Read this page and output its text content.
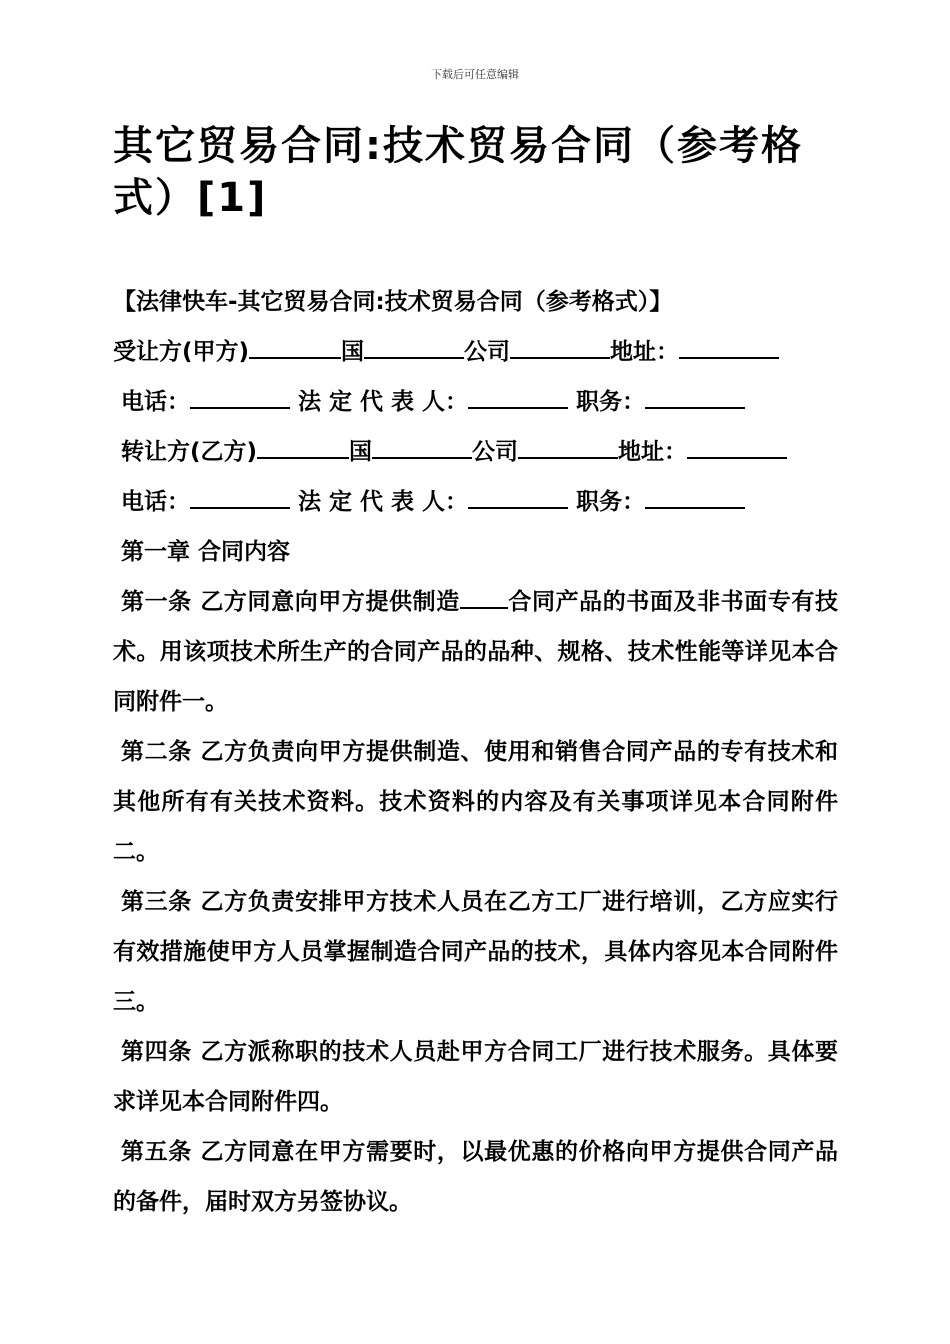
下载后可任意编辑
其它贸易合同:技术贸易合同（参考格式）[1]
【法律快车-其它贸易合同:技术贸易合同（参考格式）】
受让方(甲方)	国	公司	地址：
电话：	法 定 代 表 人：	职务：
转让方(乙方)	国	公司	地址：
电话：	法 定 代 表 人：	职务：
第一章 合同内容
第一条 乙方同意向甲方提供制造 合同产品的书面及非书面专有技术。用该项技术所生产的合同产品的品种、规格、技术性能等详见本合同附件一。
第二条 乙方负责向甲方提供制造、使用和销售合同产品的专有技术和其他所有有关技术资料。技术资料的内容及有关事项详见本合同附件二。
第三条 乙方负责安排甲方技术人员在乙方工厂进行培训，乙方应实行有效措施使甲方人员掌握制造合同产品的技术，具体内容见本合同附件三。
第四条 乙方派称职的技术人员赴甲方合同工厂进行技术服务。具体要求详见本合同附件四。
第五条 乙方同意在甲方需要时，以最优惠的价格向甲方提供合同产品的备件，届时双方另签协议。
